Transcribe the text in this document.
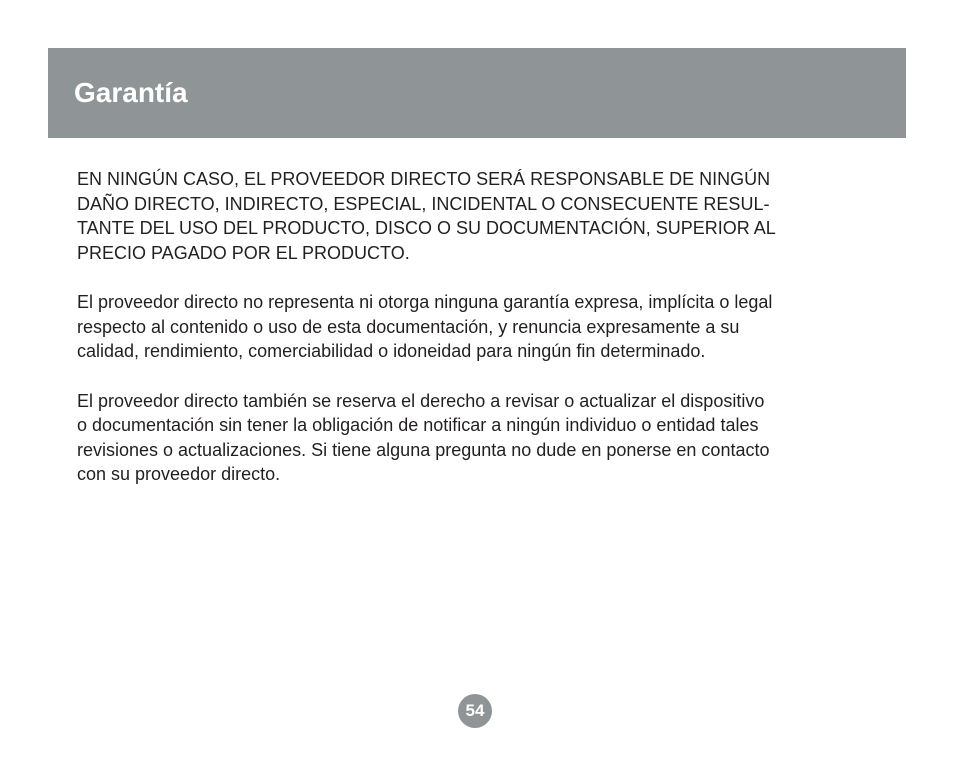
Garantía

EN NINGÚN CASO, EL PROVEEDOR DIRECTO SERÁ RESPONSABLE DE NINGÚN
DAÑO DIRECTO, INDIRECTO, ESPECIAL, INCIDENTAL O CONSECUENTE RESUL-
TANTE DEL USO DEL PRODUCTO, DISCO O SU DOCUMENTACIÓN, SUPERIOR AL
PRECIO PAGADO POR EL PRODUCTO.

El proveedor directo no representa ni otorga ninguna garantía expresa, implícita o legal
respecto al contenido o uso de esta documentación, y renuncia expresamente a su
calidad, rendimiento, comerciabilidad o idoneidad para ningún fin determinado.

El proveedor directo también se reserva el derecho a revisar o actualizar el dispositivo
o documentación sin tener la obligación de notificar a ningún individuo o entidad tales
revisiones o actualizaciones. Si tiene alguna pregunta no dude en ponerse en contacto
con su proveedor directo.

54
